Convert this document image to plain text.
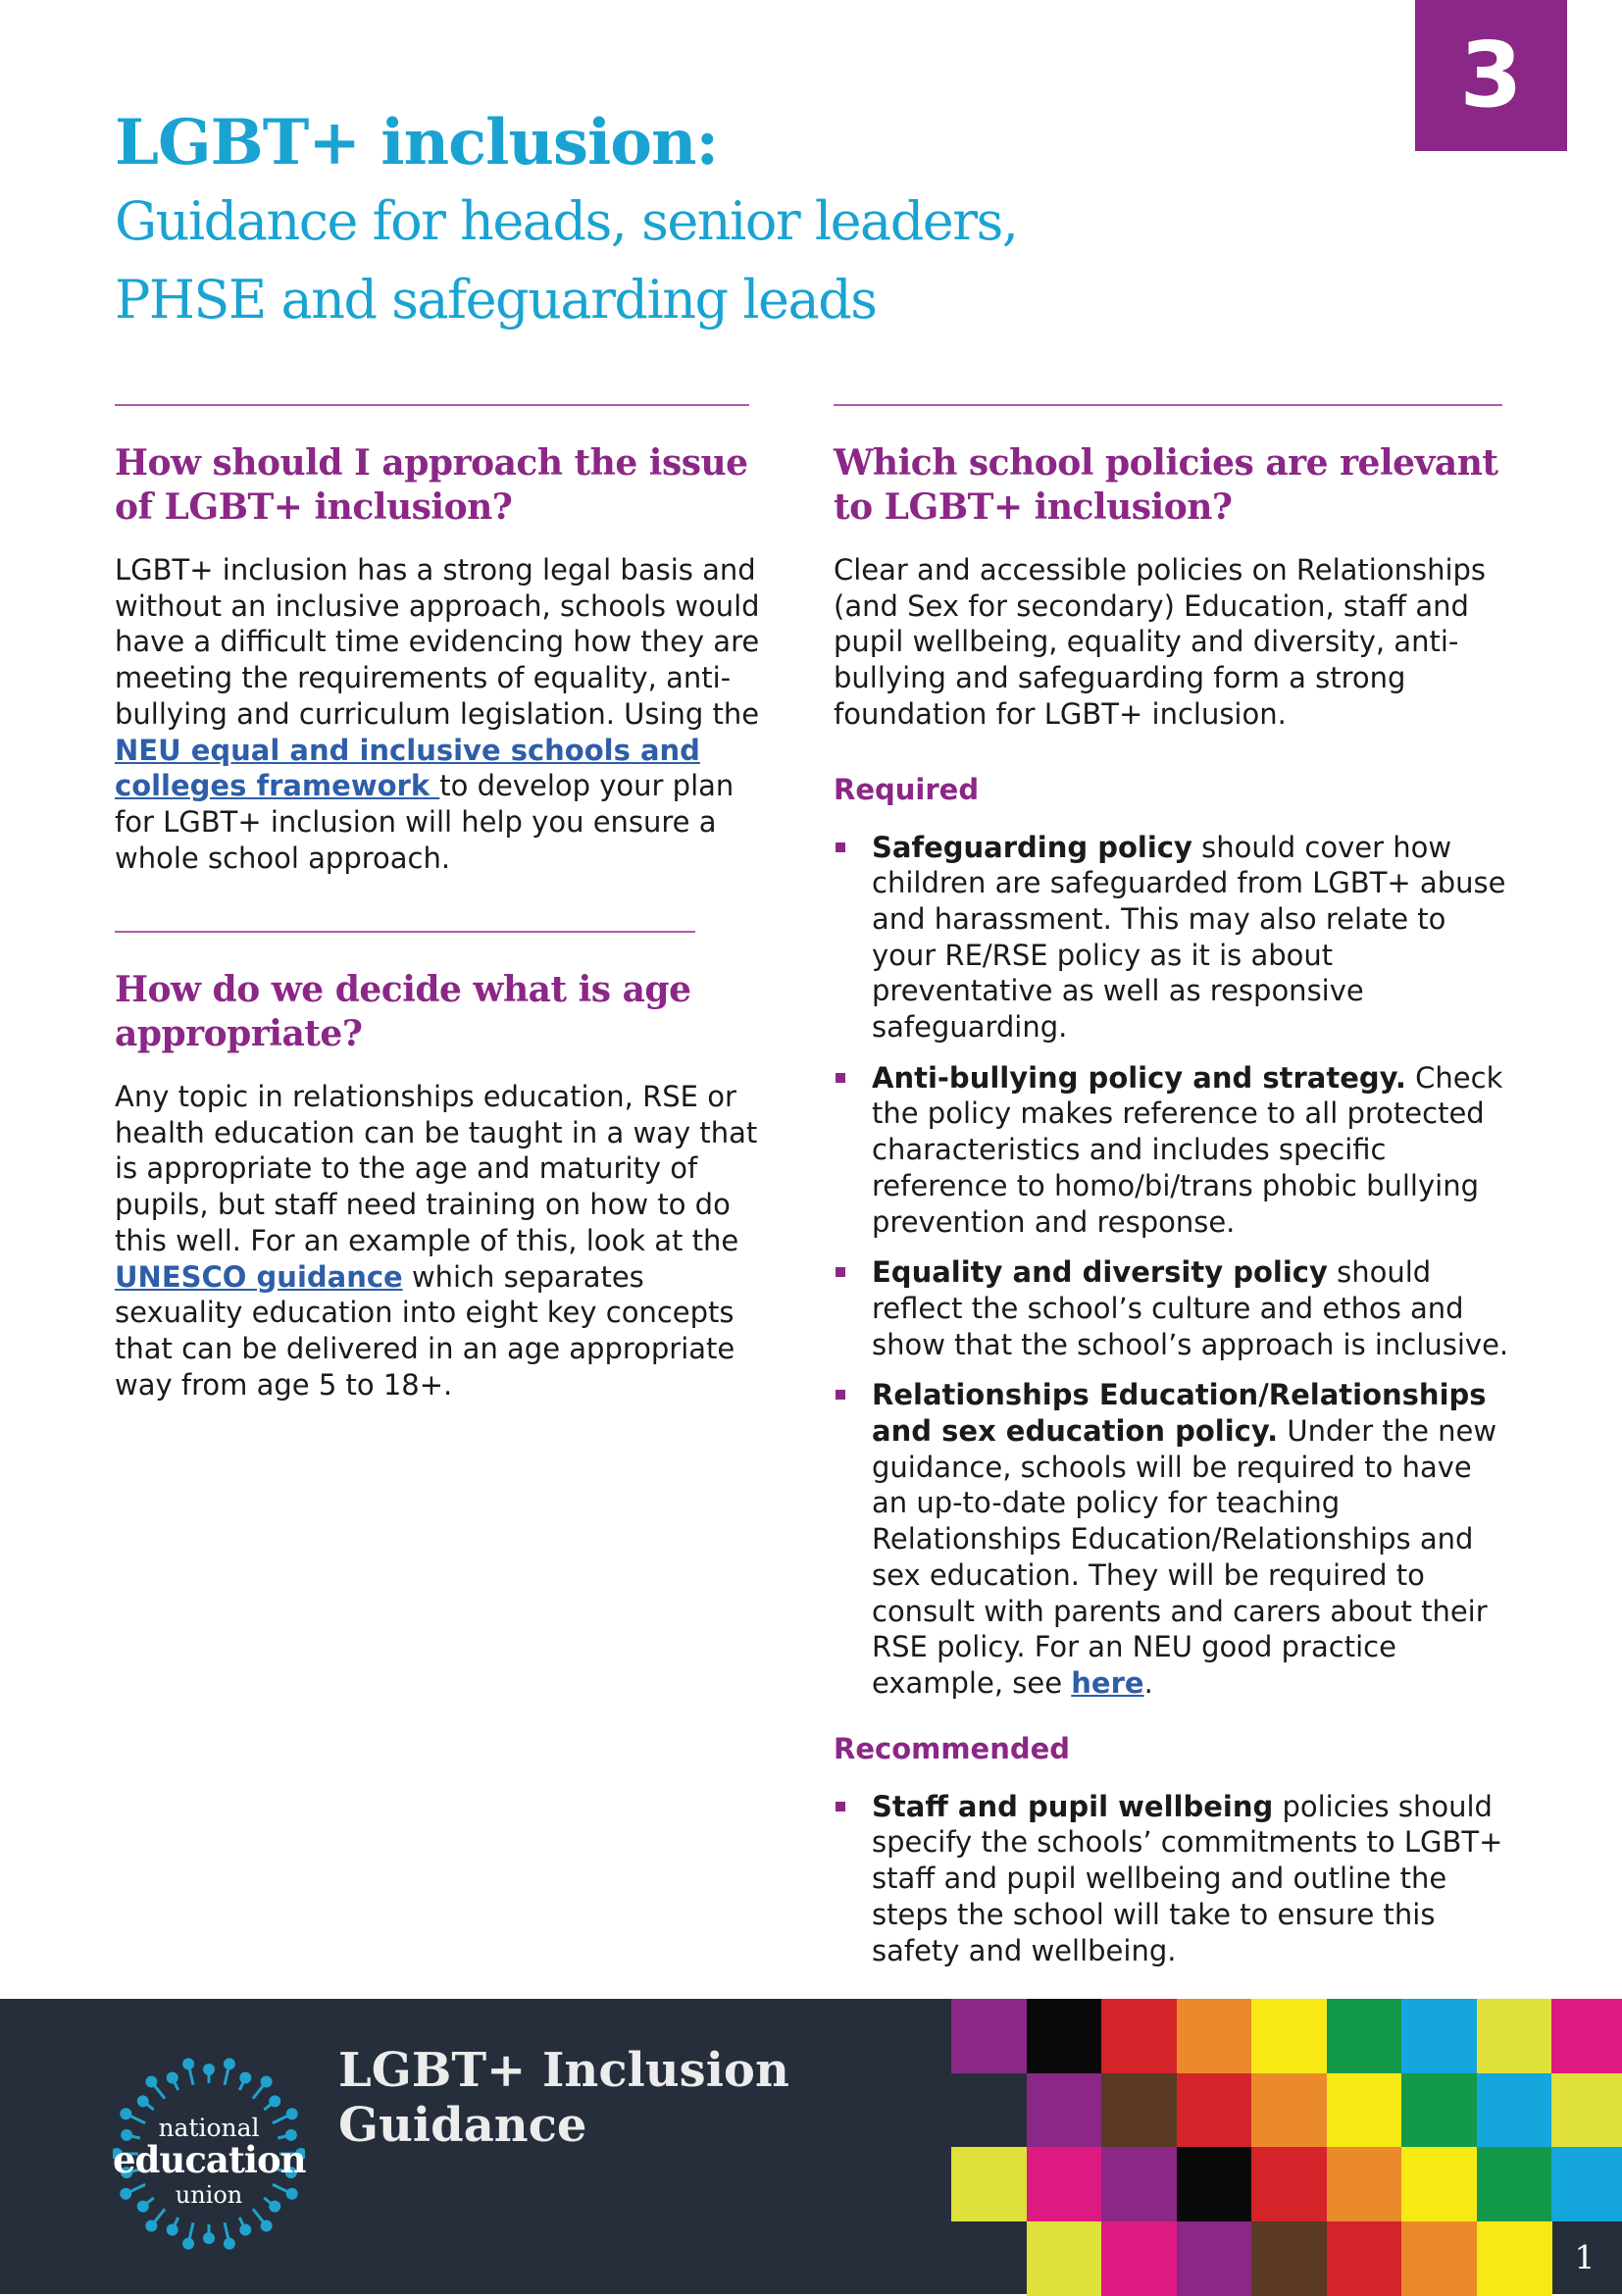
3
LGBT+ inclusion:
Guidance for heads, senior leaders,
PHSE and safeguarding leads
How should I approach the issue of LGBT+ inclusion?

LGBT+ inclusion has a strong legal basis and without an inclusive approach, schools would have a difficult time evidencing how they are meeting the requirements of equality, anti-bullying and curriculum legislation. Using the NEU equal and inclusive schools and colleges framework to develop your plan for LGBT+ inclusion will help you ensure a whole school approach.

How do we decide what is age appropriate?

Any topic in relationships education, RSE or health education can be taught in a way that is appropriate to the age and maturity of pupils, but staff need training on how to do this well. For an example of this, look at the UNESCO guidance which separates sexuality education into eight key concepts that can be delivered in an age appropriate way from age 5 to 18+.

Which school policies are relevant to LGBT+ inclusion?

Clear and accessible policies on Relationships (and Sex for secondary) Education, staff and pupil wellbeing, equality and diversity, anti-bullying and safeguarding form a strong foundation for LGBT+ inclusion.

Required
Safeguarding policy should cover how children are safeguarded from LGBT+ abuse and harassment. This may also relate to your RE/RSE policy as it is about preventative as well as responsive safeguarding.
Anti-bullying policy and strategy. Check the policy makes reference to all protected characteristics and includes specific reference to homo/bi/trans phobic bullying prevention and response.
Equality and diversity policy should reflect the school’s culture and ethos and show that the school’s approach is inclusive.
Relationships Education/Relationships and sex education policy. Under the new guidance, schools will be required to have an up-to-date policy for teaching Relationships Education/Relationships and sex education. They will be required to consult with parents and carers about their RSE policy. For an NEU good practice example, see here.
Recommended
Staff and pupil wellbeing policies should specify the schools’ commitments to LGBT+ staff and pupil wellbeing and outline the steps the school will take to ensure this safety and wellbeing.
national
education
union
LGBT+ Inclusion
Guidance
1
